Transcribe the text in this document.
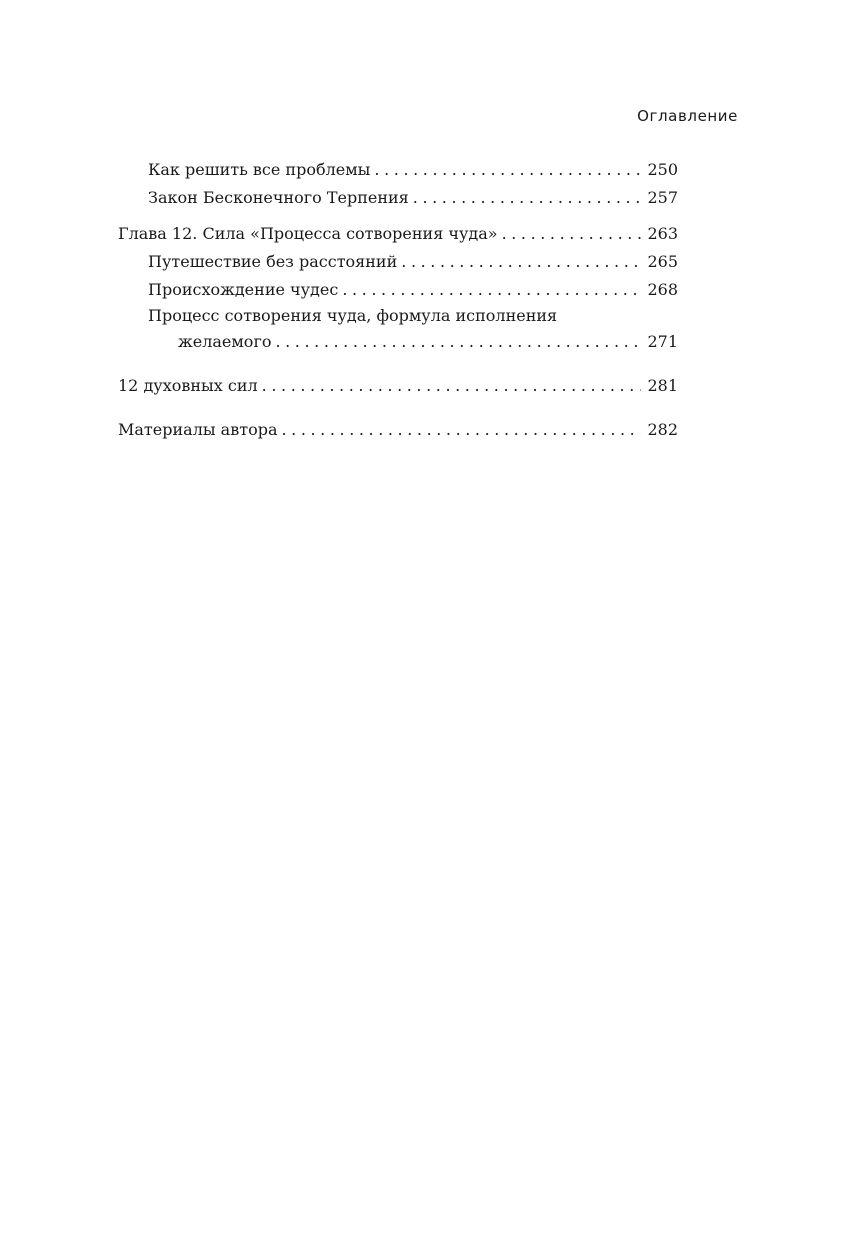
Оглавление
Как решить все проблемы . . .	250
Закон Бесконечного Терпения . . .	257
Глава 12. Сила «Процесса сотворения чуда» . . .	263
Путешествие без расстояний . . .	265
Происхождение чудес . . .	268
Процесс сотворения чуда, формула исполнения
желаемого . . .	271
12 духовных сил . . .	281
Материалы автора . . .	282
